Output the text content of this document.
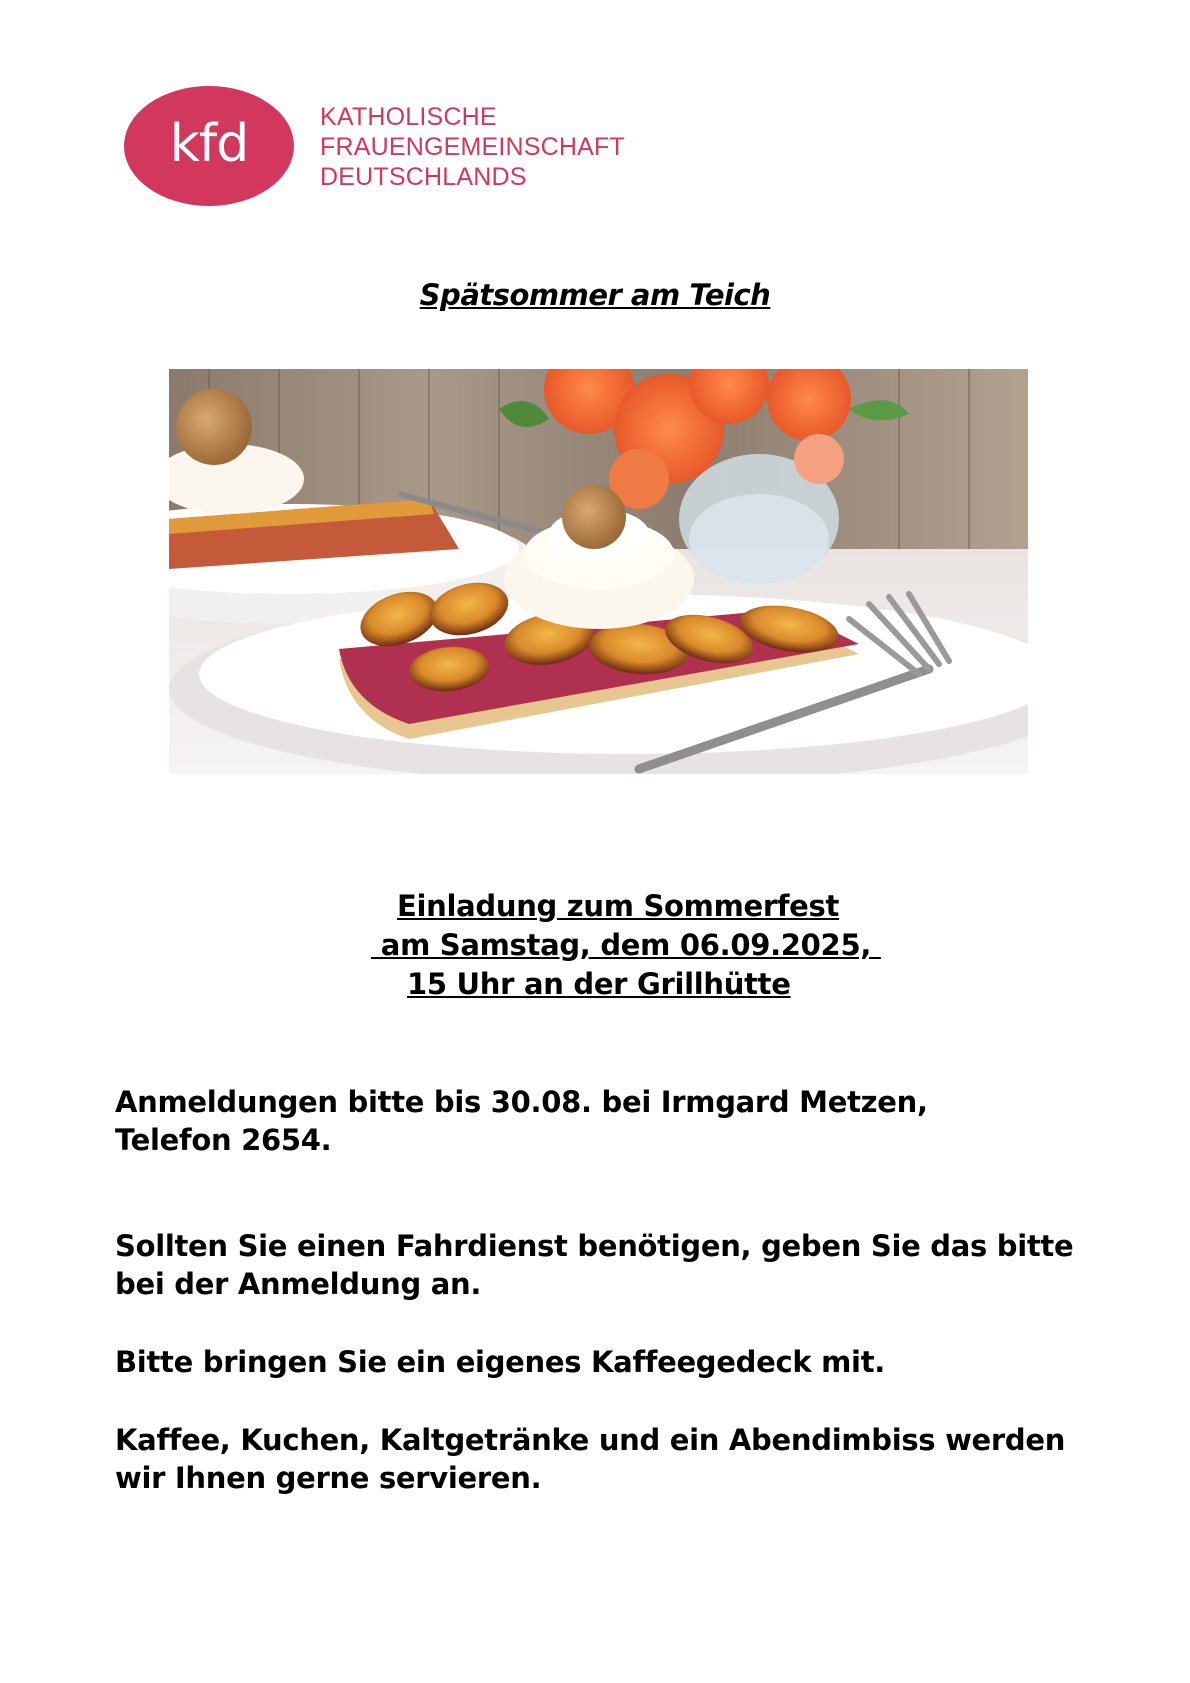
kfd	KATHOLISCHE
FRAUENGEMEINSCHAFT
DEUTSCHLANDS
Spätsommer am Teich
Einladung zum Sommerfest
am Samstag, dem 06.09.2025,
15 Uhr an der Grillhütte
Anmeldungen bitte bis 30.08. bei Irmgard Metzen,
Telefon 2654.
Sollten Sie einen Fahrdienst benötigen, geben Sie das bitte
bei der Anmeldung an.
Bitte bringen Sie ein eigenes Kaffeegedeck mit.
Kaffee, Kuchen, Kaltgetränke und ein Abendimbiss werden
wir Ihnen gerne servieren.
